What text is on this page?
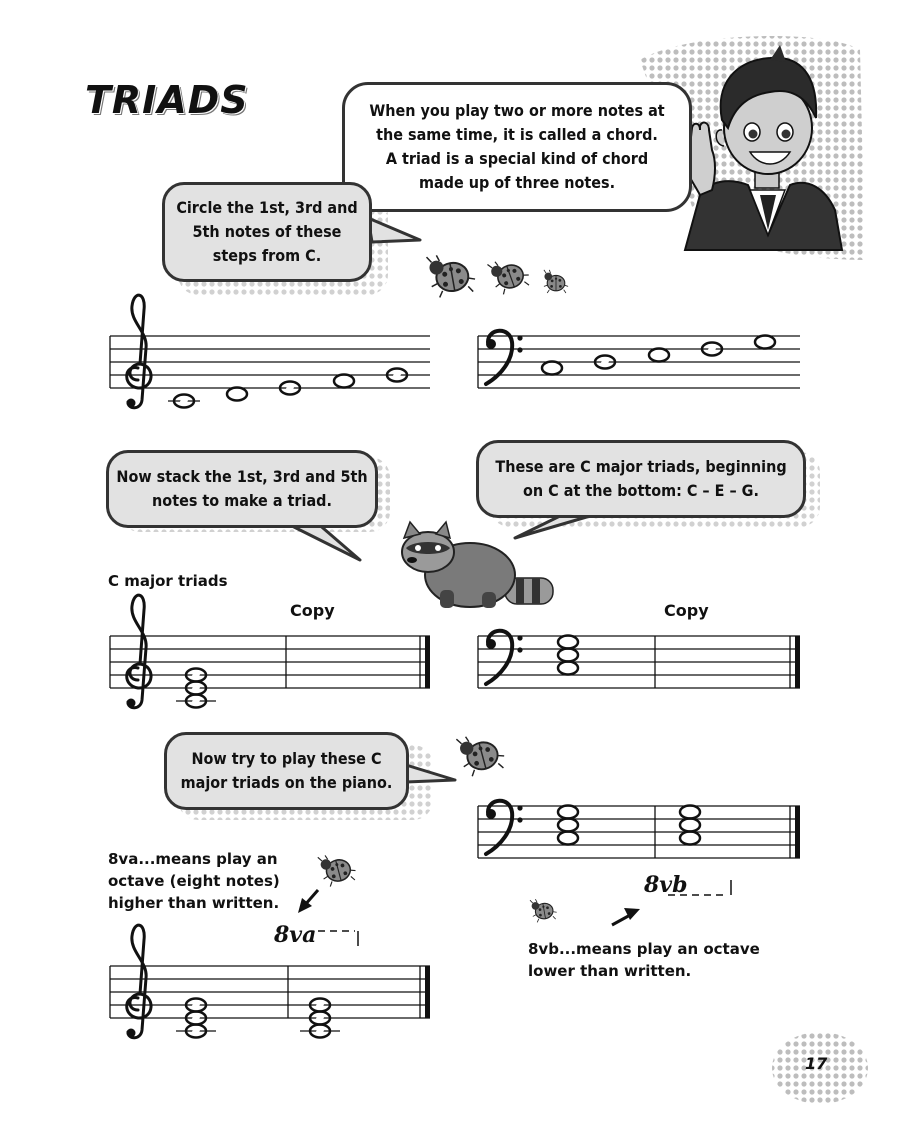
TRIADS	When you play two or more notes at
the same time, it is called a chord.
A triad is a special kind of chord
made up of three notes.
Circle the 1st, 3rd and
5th notes of these
steps from C.
Now stack the 1st, 3rd and 5th
notes to make a triad.
These are C major triads, beginning
on C at the bottom: C – E – G.
Now try to play these C
major triads on the piano.
C major triads
Copy	Copy
8va...means play an
octave (eight notes)
higher than written.
8vb...means play an octave
lower than written.
8va
8vb
17
